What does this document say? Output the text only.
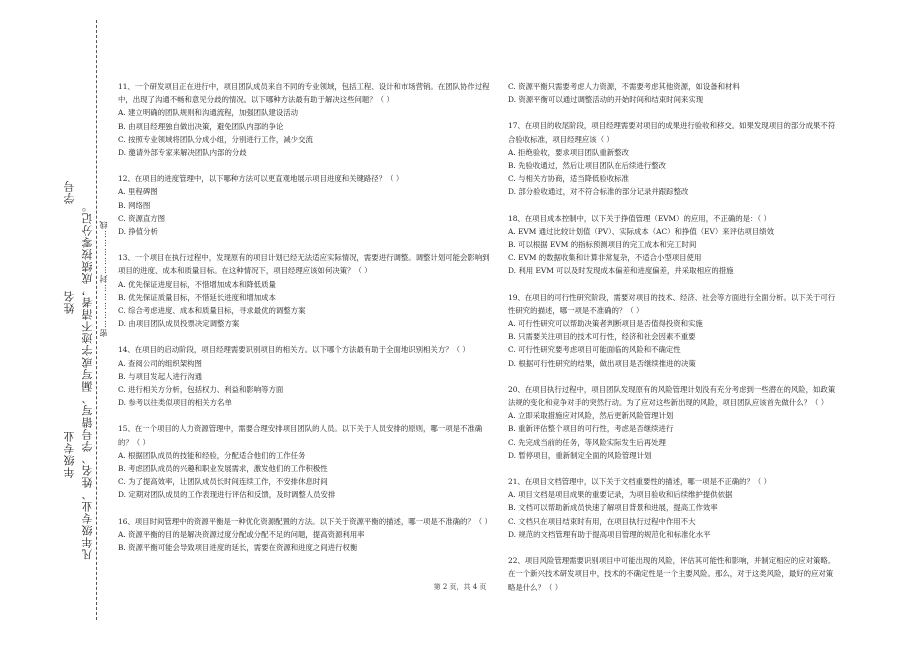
学号
姓名
年级专业 凡年级专业、姓名、学号错写、漏写或字迹不清者，成绩按零分记。 密……………封……………线

11、一个研发项目正在进行中，项目团队成员来自不同的专业领域，包括工程、设计和市场营销。在团队协作过程中，出现了沟通不畅和意见分歧的情况。以下哪种方法最有助于解决这些问题？（ ）

A. 建立明确的团队规则和沟通流程，加强团队建设活动

B. 由项目经理独自做出决策，避免团队内部的争论

C. 按照专业领域将团队分成小组，分别进行工作，减少交流

D. 邀请外部专家来解决团队内部的分歧

12、在项目的进度管理中，以下哪种方法可以更直观地展示项目进度和关键路径？（ ）

A. 里程碑图

B. 网络图

C. 资源直方图

D. 挣值分析

13、一个项目在执行过程中，发现原有的项目计划已经无法适应实际情况，需要进行调整。调整计划可能会影响到项目的进度、成本和质量目标。在这种情况下，项目经理应该如何决策？（ ）

A. 优先保证进度目标，不惜增加成本和降低质量

B. 优先保证质量目标，不惜延长进度和增加成本

C. 综合考虑进度、成本和质量目标，寻求最优的调整方案

D. 由项目团队成员投票决定调整方案

14、在项目的启动阶段，项目经理需要识别项目的相关方。以下哪个方法最有助于全面地识别相关方？（ ）

A. 查阅公司的组织架构图

B. 与项目发起人进行沟通

C. 进行相关方分析，包括权力、利益和影响等方面

D. 参考以往类似项目的相关方名单

15、在一个项目的人力资源管理中，需要合理安排项目团队的人员。以下关于人员安排的原则，哪一项是不准确的？（ ）

A. 根据团队成员的技能和经验，分配适合他们的工作任务

B. 考虑团队成员的兴趣和职业发展需求，激发他们的工作积极性

C. 为了提高效率，让团队成员长时间连续工作，不安排休息时间

D. 定期对团队成员的工作表现进行评估和反馈，及时调整人员安排

16、项目时间管理中的资源平衡是一种优化资源配置的方法。以下关于资源平衡的描述，哪一项是不准确的？（ ）

A. 资源平衡的目的是解决资源过度分配或分配不足的问题，提高资源利用率

B. 资源平衡可能会导致项目进度的延长，需要在资源和进度之间进行权衡

C. 资源平衡只需要考虑人力资源，不需要考虑其他资源，如设备和材料

D. 资源平衡可以通过调整活动的开始时间和结束时间来实现

17、在项目的收尾阶段，项目经理需要对项目的成果进行验收和移交。如果发现项目的部分成果不符合验收标准，项目经理应该（ ）

A. 拒绝验收，要求项目团队重新整改

B. 先验收通过，然后让项目团队在后续进行整改

C. 与相关方协商，适当降低验收标准

D. 部分验收通过，对不符合标准的部分记录并跟踪整改

18、在项目成本控制中，以下关于挣值管理（EVM）的应用，不正确的是：（ ）

A. EVM 通过比较计划值（PV）、实际成本（AC）和挣值（EV）来评估项目绩效

B. 可以根据 EVM 的指标预测项目的完工成本和完工时间

C. EVM 的数据收集和计算非常复杂，不适合小型项目使用

D. 利用 EVM 可以及时发现成本偏差和进度偏差，并采取相应的措施

19、在项目的可行性研究阶段，需要对项目的技术、经济、社会等方面进行全面分析。以下关于可行性研究的描述，哪一项是不准确的？（ ）

A. 可行性研究可以帮助决策者判断项目是否值得投资和实施

B. 只需要关注项目的技术可行性，经济和社会因素不重要

C. 可行性研究要考虑项目可能面临的风险和不确定性

D. 根据可行性研究的结果，做出项目是否继续推进的决策

20、在项目执行过程中，项目团队发现原有的风险管理计划没有充分考虑到一些潜在的风险，如政策法规的变化和竞争对手的突然行动。为了应对这些新出现的风险，项目团队应该首先做什么？（ ）

A. 立即采取措施应对风险，然后更新风险管理计划

B. 重新评估整个项目的可行性，考虑是否继续进行

C. 先完成当前的任务，等风险实际发生后再处理

D. 暂停项目，重新制定全面的风险管理计划

21、在项目文档管理中，以下关于文档重要性的描述，哪一项是不正确的？（ ）

A. 项目文档是项目成果的重要记录，为项目验收和后续维护提供依据

B. 文档可以帮助新成员快速了解项目背景和进展，提高工作效率

C. 文档只在项目结束时有用，在项目执行过程中作用不大

D. 规范的文档管理有助于提高项目管理的规范化和标准化水平

22、项目风险管理需要识别项目中可能出现的风险，评估其可能性和影响，并制定相应的应对策略。在一个新兴技术研发项目中，技术的不确定性是一个主要风险。那么，对于这类风险，最好的应对策略是什么？（ ）

第 2 页，共 4 页
